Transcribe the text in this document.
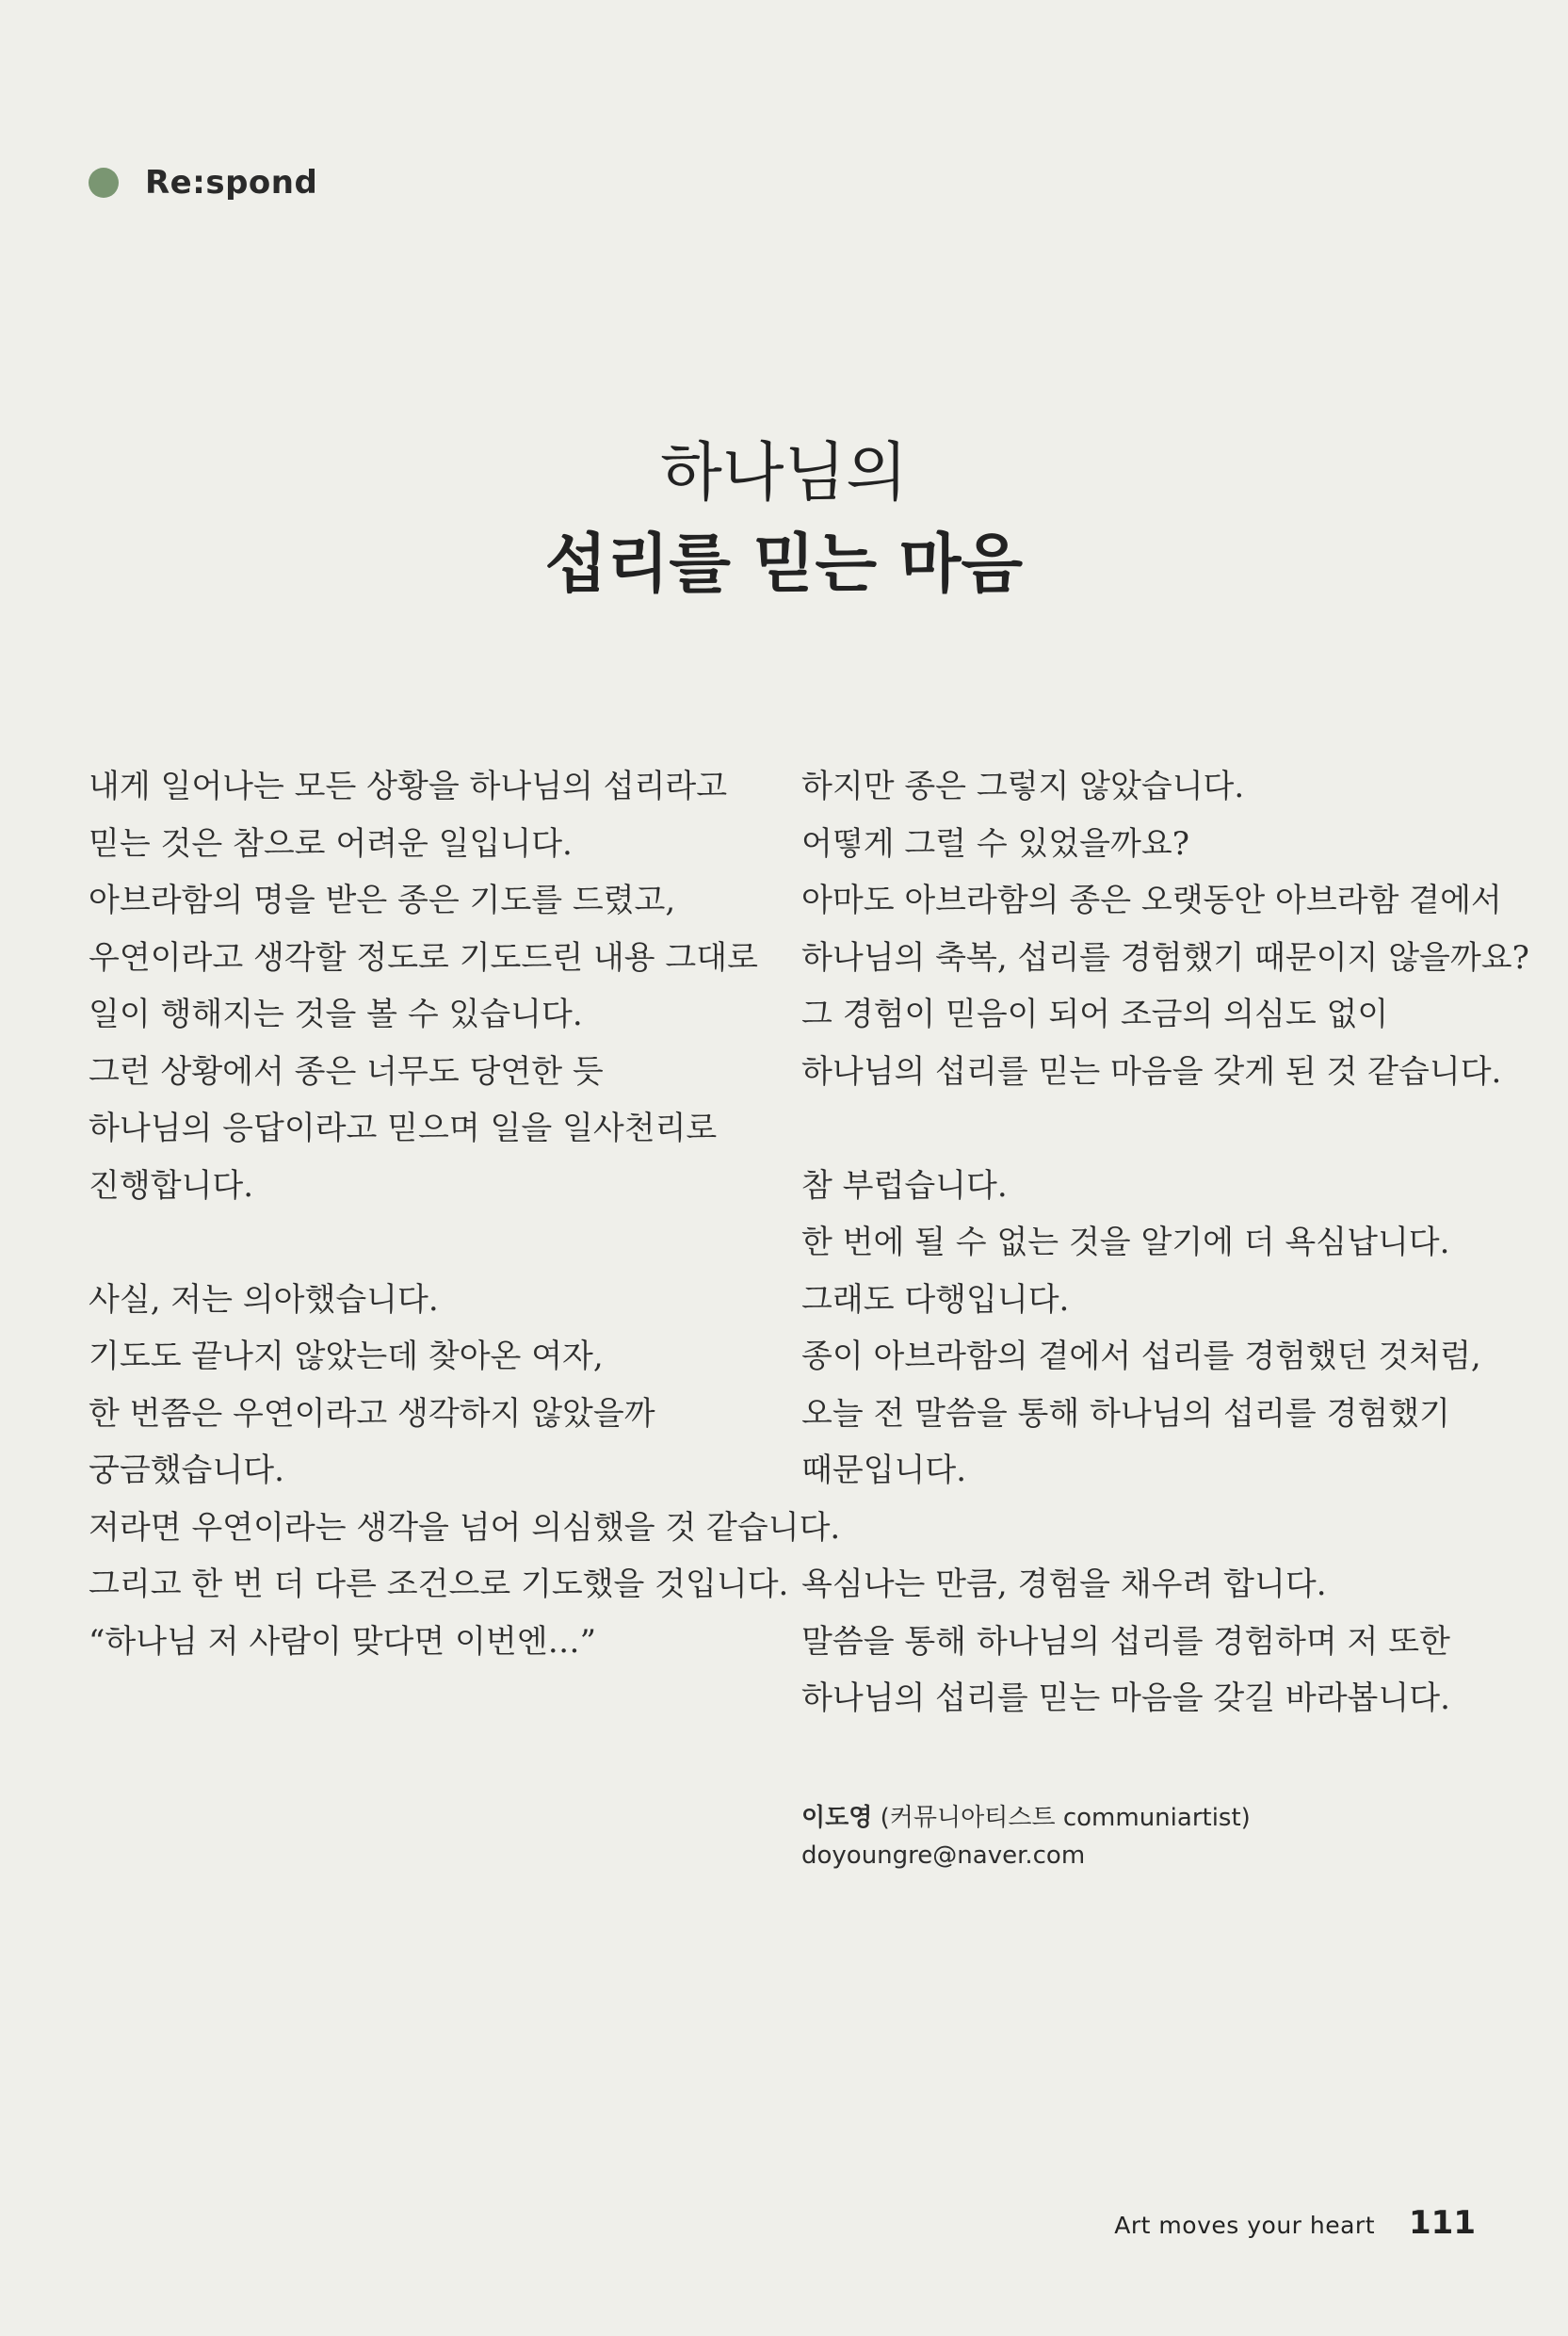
Re:spond
하나님의
섭리를 믿는 마음

내게 일어나는 모든 상황을 하나님의 섭리라고
믿는 것은 참으로 어려운 일입니다.
아브라함의 명을 받은 종은 기도를 드렸고,
우연이라고 생각할 정도로 기도드린 내용 그대로
일이 행해지는 것을 볼 수 있습니다.
그런 상황에서 종은 너무도 당연한 듯
하나님의 응답이라고 믿으며 일을 일사천리로
진행합니다.

사실, 저는 의아했습니다.
기도도 끝나지 않았는데 찾아온 여자,
한 번쯤은 우연이라고 생각하지 않았을까
궁금했습니다.
저라면 우연이라는 생각을 넘어 의심했을 것 같습니다.
그리고 한 번 더 다른 조건으로 기도했을 것입니다.
“하나님 저 사람이 맞다면 이번엔…”

하지만 종은 그렇지 않았습니다.
어떻게 그럴 수 있었을까요?
아마도 아브라함의 종은 오랫동안 아브라함 곁에서
하나님의 축복, 섭리를 경험했기 때문이지 않을까요?
그 경험이 믿음이 되어 조금의 의심도 없이
하나님의 섭리를 믿는 마음을 갖게 된 것 같습니다.

참 부럽습니다.
한 번에 될 수 없는 것을 알기에 더 욕심납니다.
그래도 다행입니다.
종이 아브라함의 곁에서 섭리를 경험했던 것처럼,
오늘 전 말씀을 통해 하나님의 섭리를 경험했기
때문입니다.

욕심나는 만큼, 경험을 채우려 합니다.
말씀을 통해 하나님의 섭리를 경험하며 저 또한
하나님의 섭리를 믿는 마음을 갖길 바라봅니다.

이도영 (커뮤니아티스트 communiartist)
doyoungre@naver.com
Art moves your heart 111
